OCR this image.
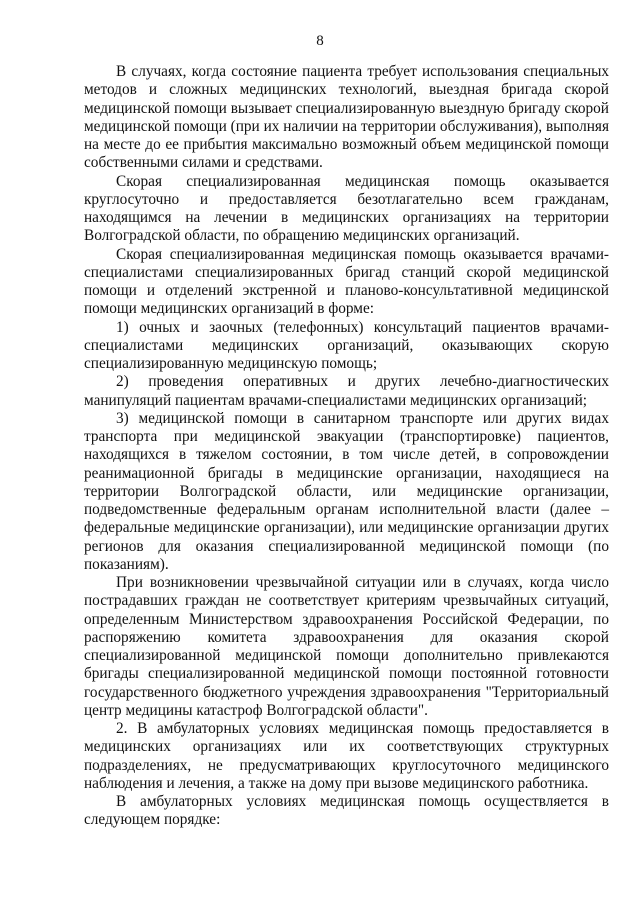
8

В случаях, когда состояние пациента требует использования специальных методов и сложных медицинских технологий, выездная бригада скорой медицинской помощи вызывает специализированную выездную бригаду скорой медицинской помощи (при их наличии на территории обслуживания), выполняя на месте до ее прибытия максимально возможный объем медицинской помощи собственными силами и средствами.

Скорая специализированная медицинская помощь оказывается круглосуточно и предоставляется безотлагательно всем гражданам, находящимся на лечении в медицинских организациях на территории Волгоградской области, по обращению медицинских организаций.

Скорая специализированная медицинская помощь оказывается врачами-специалистами специализированных бригад станций скорой медицинской помощи и отделений экстренной и планово-консультативной медицинской помощи медицинских организаций в форме:

1) очных и заочных (телефонных) консультаций пациентов врачами-специалистами медицинских организаций, оказывающих скорую специализированную медицинскую помощь;

2) проведения оперативных и других лечебно-диагностических манипуляций пациентам врачами-специалистами медицинских организаций;

3) медицинской помощи в санитарном транспорте или других видах транспорта при медицинской эвакуации (транспортировке) пациентов, находящихся в тяжелом состоянии, в том числе детей, в сопровождении реанимационной бригады в медицинские организации, находящиеся на территории Волгоградской области, или медицинские организации, подведомственные федеральным органам исполнительной власти (далее – федеральные медицинские организации), или медицинские организации других регионов для оказания специализированной медицинской помощи (по показаниям).

При возникновении чрезвычайной ситуации или в случаях, когда число пострадавших граждан не соответствует критериям чрезвычайных ситуаций, определенным Министерством здравоохранения Российской Федерации, по распоряжению комитета здравоохранения для оказания скорой специализированной медицинской помощи дополнительно привлекаются бригады специализированной медицинской помощи постоянной готовности государственного бюджетного учреждения здравоохранения "Территориальный центр медицины катастроф Волгоградской области".

2. В амбулаторных условиях медицинская помощь предоставляется в медицинских организациях или их соответствующих структурных подразделениях, не предусматривающих круглосуточного медицинского наблюдения и лечения, а также на дому при вызове медицинского работника.

В амбулаторных условиях медицинская помощь осуществляется в следующем порядке:
